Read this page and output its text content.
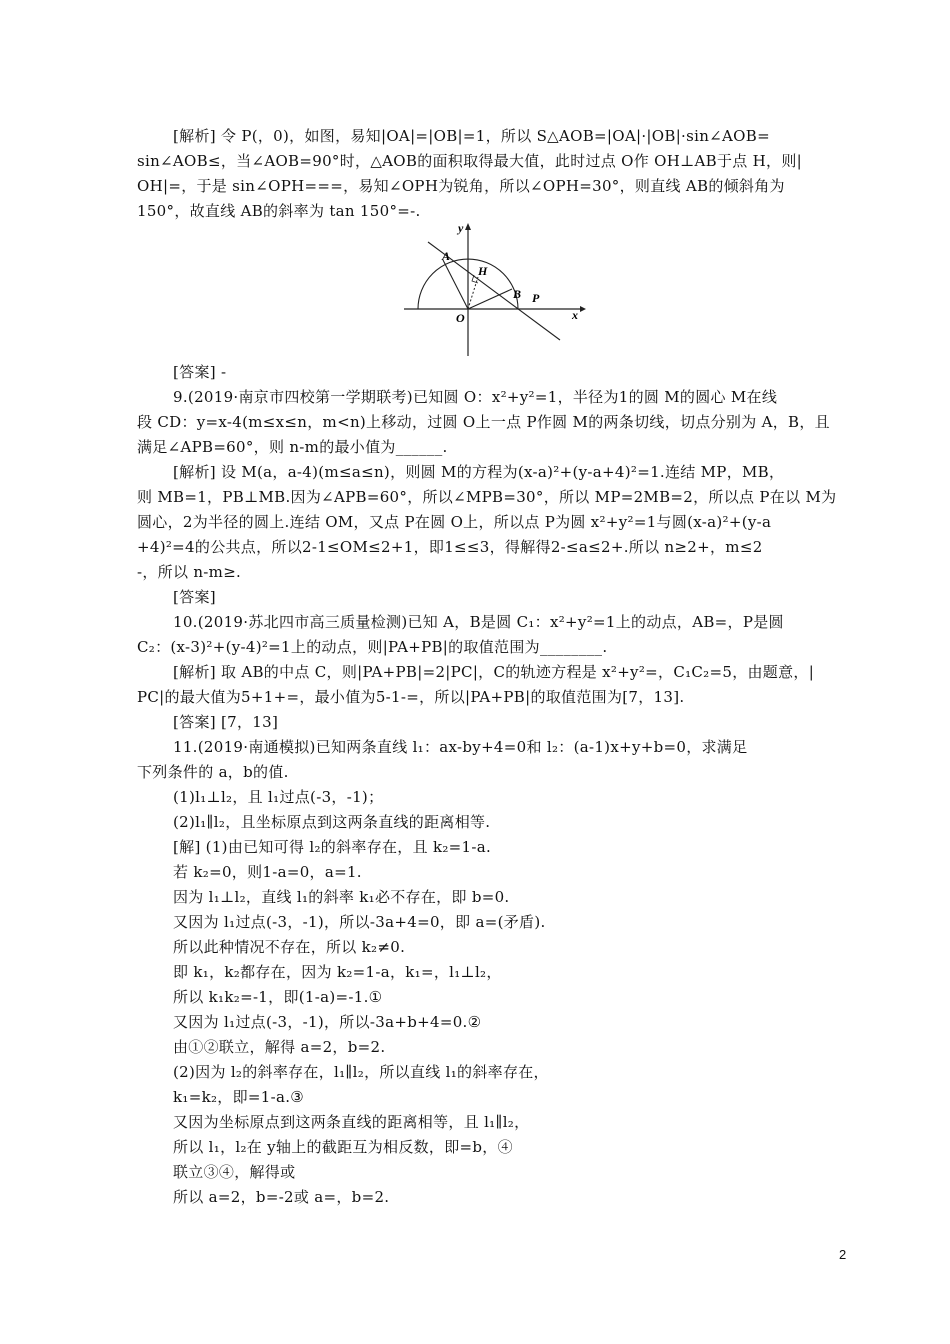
[解析] 令 P(，0)，如图，易知|OA|=|OB|=1，所以 S△AOB=|OA|·|OB|·sin∠AOB=
sin∠AOB≤，当∠AOB=90°时，△AOB的面积取得最大值，此时过点 O作 OH⊥AB于点 H，则|
OH|=，于是 sin∠OPH===，易知∠OPH为锐角，所以∠OPH=30°，则直线 AB的倾斜角为
150°，故直线 AB的斜率为 tan 150°=-.
[答案] -
9.(2019·南京市四校第一学期联考)已知圆 O：x²+y²=1，半径为1的圆 M的圆心 M在线
段 CD：y=x-4(m≤x≤n，m<n)上移动，过圆 O上一点 P作圆 M的两条切线，切点分别为 A，B，且
满足∠APB=60°，则 n-m的最小值为______.
[解析] 设 M(a，a-4)(m≤a≤n)，则圆 M的方程为(x-a)²+(y-a+4)²=1.连结 MP，MB，
则 MB=1，PB⊥MB.因为∠APB=60°，所以∠MPB=30°，所以 MP=2MB=2，所以点 P在以 M为
圆心，2为半径的圆上.连结 OM，又点 P在圆 O上，所以点 P为圆 x²+y²=1与圆(x-a)²+(y-a
+4)²=4的公共点，所以2-1≤OM≤2+1，即1≤≤3，得解得2-≤a≤2+.所以 n≥2+，m≤2
-，所以 n-m≥.
[答案]
10.(2019·苏北四市高三质量检测)已知 A，B是圆 C₁：x²+y²=1上的动点，AB=，P是圆
C₂：(x-3)²+(y-4)²=1上的动点，则|PA+PB|的取值范围为________.
[解析] 取 AB的中点 C，则|PA+PB|=2|PC|，C的轨迹方程是 x²+y²=，C₁C₂=5，由题意，|
PC|的最大值为5+1+=，最小值为5-1-=，所以|PA+PB|的取值范围为[7，13].
[答案] [7，13]
11.(2019·南通模拟)已知两条直线 l₁：ax-by+4=0和 l₂：(a-1)x+y+b=0，求满足
下列条件的 a，b的值.
(1)l₁⊥l₂，且 l₁过点(-3，-1)；
(2)l₁∥l₂，且坐标原点到这两条直线的距离相等.
[解] (1)由已知可得 l₂的斜率存在，且 k₂=1-a.
若 k₂=0，则1-a=0，a=1.
因为 l₁⊥l₂，直线 l₁的斜率 k₁必不存在，即 b=0.
又因为 l₁过点(-3，-1)，所以-3a+4=0，即 a=(矛盾).
所以此种情况不存在，所以 k₂≠0.
即 k₁，k₂都存在，因为 k₂=1-a，k₁=，l₁⊥l₂，
所以 k₁k₂=-1，即(1-a)=-1.①
又因为 l₁过点(-3，-1)，所以-3a+b+4=0.②
由①②联立，解得 a=2，b=2.
(2)因为 l₂的斜率存在，l₁∥l₂，所以直线 l₁的斜率存在，
k₁=k₂，即=1-a.③
又因为坐标原点到这两条直线的距离相等，且 l₁∥l₂，
所以 l₁，l₂在 y轴上的截距互为相反数，即=b，④
联立③④，解得或
所以 a=2，b=-2或 a=，b=2.
y
x
A
H
B P
O
2
